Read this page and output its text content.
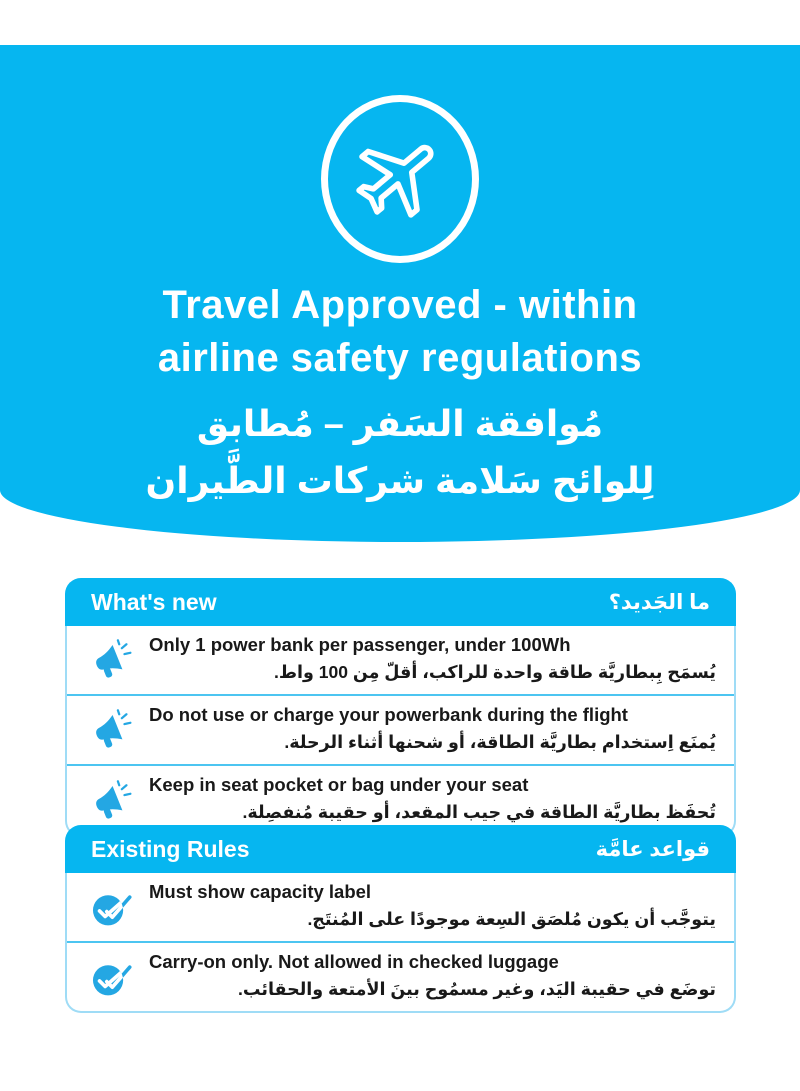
Travel Approved - within
airline safety regulations
مُوافقة السَفر – مُطابق
لِلوائح سَلامة شركات الطَّيران
What's new	ما الجَديد؟
Only 1 power bank per passenger, under 100Wh
يُسمَح بِبطاريَّة طاقة واحدة للراكب، أقلّ مِن 100 واط.
Do not use or charge your powerbank during the flight
يُمنَع اِستخدام بطاريَّة الطاقة، أو شحنها أثناء الرحلة.
Keep in seat pocket or bag under your seat
تُحفَظ بطاريَّة الطاقة في جيب المقعد، أو حقيبة مُنفصِلة.
Existing Rules	قواعد عامَّة
Must show capacity label
يتوجَّب أن يكون مُلصَق السِعة موجودًا على المُنتَج.
Carry-on only. Not allowed in checked luggage
توضَع في حقيبة اليَد، وغير مسمُوح بينَ الأمتعة والحقائب.
